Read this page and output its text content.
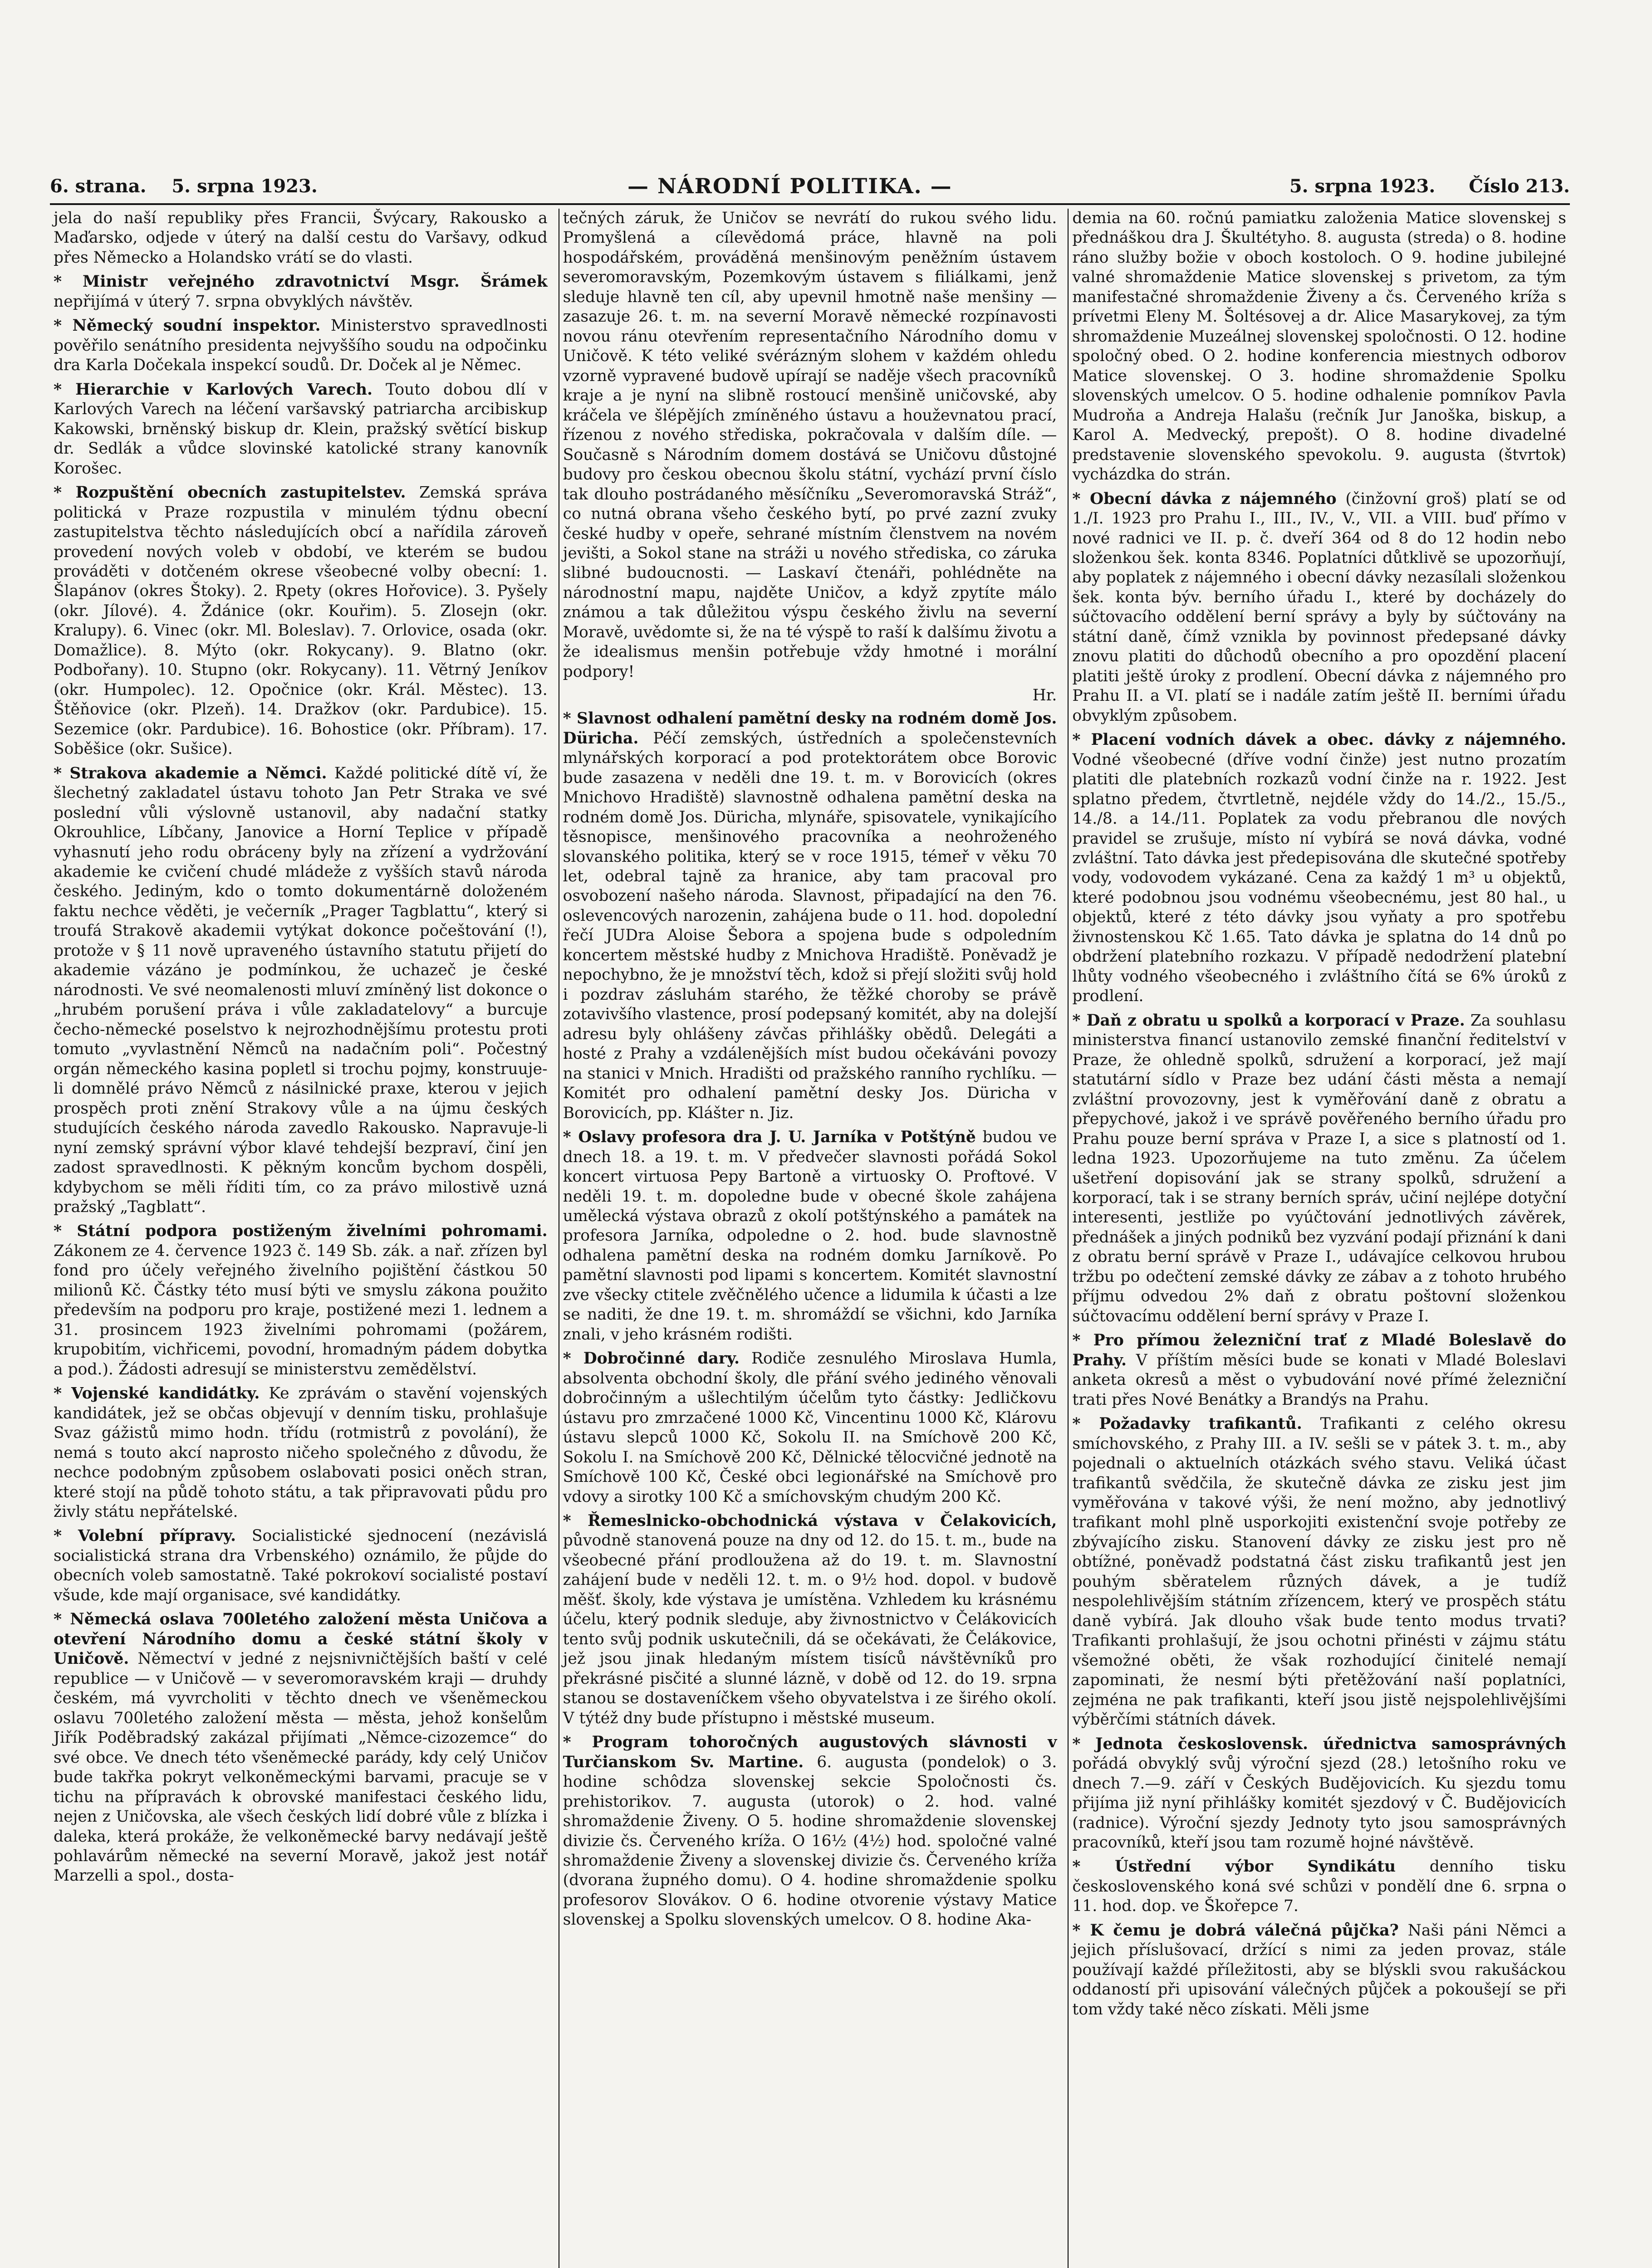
6. strana. 5. srpna 1923.	— NÁRODNÍ POLITIKA. —	5. srpna 1923. Číslo 213.

jela do naší republiky přes Francii, Švýcary, Rakousko a Maďarsko, odjede v úterý na další cestu do Varšavy, odkud přes Německo a Holandsko vrátí se do vlasti.

* Ministr veřejného zdravotnictví Msgr. Šrámek nepřijímá v úterý 7. srpna obvyklých návštěv.

* Německý soudní inspektor. Ministerstvo spravedlnosti pověřilo senátního presidenta nejvyššího soudu na odpočinku dra Karla Dočekala inspekcí soudů. Dr. Doček al je Němec.

* Hierarchie v Karlových Varech. Touto dobou dlí v Karlových Varech na léčení varšavský patriarcha arcibiskup Kakowski, brněnský biskup dr. Klein, pražský světící biskup dr. Sedlák a vůdce slovinské katolické strany kanovník Korošec.

* Rozpuštění obecních zastupitelstev. Zemská správa politická v Praze rozpustila v minulém týdnu obecní zastupitelstva těchto následujících obcí a nařídila zároveň provedení nových voleb v období, ve kterém se budou prováděti v dotčeném okrese všeobecné volby obecní: 1. Šlapánov (okres Štoky). 2. Rpety (okres Hořovice). 3. Pyšely (okr. Jílové). 4. Ždánice (okr. Kouřim). 5. Zlosejn (okr. Kralupy). 6. Vinec (okr. Ml. Boleslav). 7. Orlovice, osada (okr. Domažlice). 8. Mýto (okr. Rokycany). 9. Blatno (okr. Podbořany). 10. Stupno (okr. Rokycany). 11. Větrný Jeníkov (okr. Humpolec). 12. Opočnice (okr. Král. Městec). 13. Štěňovice (okr. Plzeň). 14. Dražkov (okr. Pardubice). 15. Sezemice (okr. Pardubice). 16. Bohostice (okr. Příbram). 17. Soběšice (okr. Sušice).

* Strakova akademie a Němci. Každé politické dítě ví, že šlechetný zakladatel ústavu tohoto Jan Petr Straka ve své poslední vůli výslovně ustanovil, aby nadační statky Okrouhlice, Líbčany, Janovice a Horní Teplice v případě vyhasnutí jeho rodu obráceny byly na zřízení a vydržování akademie ke cvičení chudé mládeže z vyšších stavů národa českého. Jediným, kdo o tomto dokumentárně doloženém faktu nechce věděti, je večerník „Prager Tagblattu“, který si troufá Strakově akademii vytýkat dokonce počeštování (!), protože v § 11 nově upraveného ústavního statutu přijetí do akademie vázáno je podmínkou, že uchazeč je české národnosti. Ve své neomalenosti mluví zmíněný list dokonce o „hrubém porušení práva i vůle zakladatelovy“ a burcuje čecho-německé poselstvo k nejrozhodnějšímu protestu proti tomuto „vyvlastnění Němců na nadačním poli“. Počestný orgán německého kasina popletl si trochu pojmy, konstruuje-li domnělé právo Němců z násilnické praxe, kterou v jejich prospěch proti znění Strakovy vůle a na újmu českých studujících českého národa zavedlo Rakousko. Napravuje-li nyní zemský správní výbor klavé tehdejší bezpraví, činí jen zadost spravedlnosti. K pěkným koncům bychom dospěli, kdybychom se měli říditi tím, co za právo milostivě uzná pražský „Tagblatt“.

* Státní podpora postiženým živelními pohromami. Zákonem ze 4. července 1923 č. 149 Sb. zák. a nař. zřízen byl fond pro účely veřejného živelního pojištění částkou 50 milionů Kč. Částky této musí býti ve smyslu zákona použito především na podporu pro kraje, postižené mezi 1. lednem a 31. prosincem 1923 živelními pohromami (požárem, krupobitím, vichřicemi, povodní, hromadným pádem dobytka a pod.). Žádosti adresují se ministerstvu zemědělství.

* Vojenské kandidátky. Ke zprávám o stavění vojenských kandidátek, jež se občas objevují v denním tisku, prohlašuje Svaz gážistů mimo hodn. třídu (rotmistrů z povolání), že nemá s touto akcí naprosto ničeho společného z důvodu, že nechce podobným způsobem oslabovati posici oněch stran, které stojí na půdě tohoto státu, a tak připravovati půdu pro živly státu nepřátelské.

* Volební přípravy. Socialistické sjednocení (nezávislá socialistická strana dra Vrbenského) oznámilo, že půjde do obecních voleb samostatně. Také pokrokoví socialisté postaví všude, kde mají organisace, své kandidátky.

* Německá oslava 700letého založení města Uničova a otevření Národního domu a české státní školy v Uničově. Němectví v jedné z nejsnivničtějších baští v celé republice — v Uničově — v severomoravském kraji — druhdy českém, má vyvrcholiti v těchto dnech ve všeněmeckou oslavu 700letého založení města — města, jehož konšelům Jiřík Poděbradský zakázal přijímati „Němce-cizozemce“ do své obce. Ve dnech této všeněmecké parády, kdy celý Uničov bude takřka pokryt velkoněmeckými barvami, pracuje se v tichu na přípravách k obrovské manifestaci českého lidu, nejen z Uničovska, ale všech českých lidí dobré vůle z blízka i daleka, která prokáže, že velkoněmecké barvy nedávají ještě pohlavárům německé na severní Moravě, jakož jest notář Marzelli a spol., dosta-

tečných záruk, že Uničov se nevrátí do rukou svého lidu. Promyšlená a cílevědomá práce, hlavně na poli hospodářském, prováděná menšinovým peněžním ústavem severomoravským, Pozemkovým ústavem s filiálkami, jenž sleduje hlavně ten cíl, aby upevnil hmotně naše menšiny — zasazuje 26. t. m. na severní Moravě německé rozpínavosti novou ránu otevřením representačního Národního domu v Uničově. K této veliké svérázným slohem v každém ohledu vzorně vypravené budově upírají se naděje všech pracovníků kraje a je nyní na slibně rostoucí menšině uničovské, aby kráčela ve šlépějích zmíněného ústavu a houževnatou prací, řízenou z nového střediska, pokračovala v dalším díle. — Současně s Národním domem dostává se Uničovu důstojné budovy pro českou obecnou školu státní, vychází první číslo tak dlouho postrádaného měsíčníku „Severomoravská Stráž“, co nutná obrana všeho českého bytí, po prvé zazní zvuky české hudby v opeře, sehrané místním členstvem na novém jevišti, a Sokol stane na stráži u nového střediska, co záruka slibné budoucnosti. — Laskaví čtenáři, pohlédněte na národnostní mapu, najděte Uničov, a když zpytíte málo známou a tak důležitou výspu českého živlu na severní Moravě, uvědomte si, že na té výspě to raší k dalšímu životu a že idealismus menšin potřebuje vždy hmotné i morální podpory!

Hr.

* Slavnost odhalení pamětní desky na rodném domě Jos. Düricha. Péčí zemských, ústředních a společenstevních mlynářských korporací a pod protektorátem obce Borovic bude zasazena v neděli dne 19. t. m. v Borovicích (okres Mnichovo Hradiště) slavnostně odhalena pamětní deska na rodném domě Jos. Düricha, mlynáře, spisovatele, vynikajícího těsnopisce, menšinového pracovníka a neohroženého slovanského politika, který se v roce 1915, témeř v věku 70 let, odebral tajně za hranice, aby tam pracoval pro osvobození našeho národa. Slavnost, připadající na den 76. oslevencových narozenin, zahájena bude o 11. hod. dopolední řečí JUDra Aloise Šebora a spojena bude s odpoledním koncertem městské hudby z Mnichova Hradiště. Poněvadž je nepochybno, že je množství těch, kdož si přejí složiti svůj hold i pozdrav zásluhám starého, že těžké choroby se právě zotavivšího vlastence, prosí podepsaný komitét, aby na dolejší adresu byly ohlášeny závčas přihlášky obědů. Delegáti a hosté z Prahy a vzdálenějších míst budou očekáváni povozy na stanici v Mnich. Hradišti od pražského ranního rychlíku. — Komitét pro odhalení pamětní desky Jos. Düricha v Borovicích, pp. Klášter n. Jiz.

* Oslavy profesora dra J. U. Jarníka v Potštýně budou ve dnech 18. a 19. t. m. V předvečer slavnosti pořádá Sokol koncert virtuosa Pepy Bartoně a virtuosky O. Proftové. V neděli 19. t. m. dopoledne bude v obecné škole zahájena umělecká výstava obrazů z okolí potštýnského a památek na profesora Jarníka, odpoledne o 2. hod. bude slavnostně odhalena pamětní deska na rodném domku Jarníkově. Po pamětní slavnosti pod lipami s koncertem. Komitét slavnostní zve všecky ctitele zvěčnělého učence a lidumila k účasti a lze se naditi, že dne 19. t. m. shromáždí se všichni, kdo Jarníka znali, v jeho krásném rodišti.

* Dobročinné dary. Rodiče zesnulého Miroslava Humla, absolventa obchodní školy, dle přání svého jediného věnovali dobročinným a ušlechtilým účelům tyto částky: Jedličkovu ústavu pro zmrzačené 1000 Kč, Vincentinu 1000 Kč, Klárovu ústavu slepců 1000 Kč, Sokolu II. na Smíchově 200 Kč, Sokolu I. na Smíchově 200 Kč, Dělnické tělocvičné jednotě na Smíchově 100 Kč, České obci legionářské na Smíchově pro vdovy a sirotky 100 Kč a smíchovským chudým 200 Kč.

* Řemeslnicko-obchodnická výstava v Čelakovicích, původně stanovená pouze na dny od 12. do 15. t. m., bude na všeobecné přání prodloužena až do 19. t. m. Slavnostní zahájení bude v neděli 12. t. m. o 9½ hod. dopol. v budově měšť. školy, kde výstava je umístěna. Vzhledem ku krásnému účelu, který podnik sleduje, aby živnostnictvo v Čelákovicích tento svůj podnik uskutečnili, dá se očekávati, že Čelákovice, jež jsou jinak hledaným místem tisíců návštěvníků pro překrásné pisčité a slunné lázně, v době od 12. do 19. srpna stanou se dostaveníčkem všeho obyvatelstva i ze širého okolí. V týtéž dny bude přístupno i městské museum.

* Program tohoročných augustových slávnosti v Turčianskom Sv. Martine. 6. augusta (pondelok) o 3. hodine schôdza slovenskej sekcie Spoločnosti čs. prehistorikov. 7. augusta (utorok) o 2. hod. valné shromaždenie Živeny. O 5. hodine shromaždenie slovenskej divizie čs. Červeného kríža. O 16½ (4½) hod. spoločné valné shromaždenie Živeny a slovenskej divizie čs. Červeného kríža (dvorana župného domu). O 4. hodine shromaždenie spolku profesorov Slovákov. O 6. hodine otvorenie výstavy Matice slovenskej a Spolku slovenských umelcov. O 8. hodine Aka-

demia na 60. ročnú pamiatku založenia Matice slovenskej s přednáškou dra J. Škultétyho. 8. augusta (streda) o 8. hodine ráno služby božie v oboch kostoloch. O 9. hodine jubilejné valné shromaždenie Matice slovenskej s privetom, za tým manifestačné shromaždenie Živeny a čs. Červeného kríža s prívetmi Eleny M. Šoltésovej a dr. Alice Masarykovej, za tým shromaždenie Muzeálnej slovenskej spoločnosti. O 12. hodine spoločný obed. O 2. hodine konferencia miestnych odborov Matice slovenskej. O 3. hodine shromaždenie Spolku slovenských umelcov. O 5. hodine odhalenie pomníkov Pavla Mudroňa a Andreja Halašu (rečník Jur Janoška, biskup, a Karol A. Medvecký, prepošt). O 8. hodine divadelné predstavenie slovenského spevokolu. 9. augusta (štvrtok) vycházdka do strán.

* Obecní dávka z nájemného (činžovní groš) platí se od 1./I. 1923 pro Prahu I., III., IV., V., VII. a VIII. buď přímo v nové radnici ve II. p. č. dveří 364 od 8 do 12 hodin nebo složenkou šek. konta 8346. Poplatníci důtklivě se upozorňují, aby poplatek z nájemného i obecní dávky nezasílali složenkou šek. konta býv. berního úřadu I., které by docházely do súčtovacího oddělení berní správy a byly by súčtovány na státní daně, čímž vznikla by povinnost předepsané dávky znovu platiti do důchodů obecního a pro opozdění placení platiti ještě úroky z prodlení. Obecní dávka z nájemného pro Prahu II. a VI. platí se i nadále zatím ještě II. berními úřadu obvyklým způsobem.

* Placení vodních dávek a obec. dávky z nájemného. Vodné všeobecné (dříve vodní činže) jest nutno prozatím platiti dle platebních rozkazů vodní činže na r. 1922. Jest splatno předem, čtvrtletně, nejdéle vždy do 14./2., 15./5., 14./8. a 14./11. Poplatek za vodu přebranou dle nových pravidel se zrušuje, místo ní vybírá se nová dávka, vodné zvláštní. Tato dávka jest předepisována dle skutečné spotřeby vody, vodovodem vykázané. Cena za každý 1 m³ u objektů, které podobnou jsou vodnému všeobecnému, jest 80 hal., u objektů, které z této dávky jsou vyňaty a pro spotřebu živnostenskou Kč 1.65. Tato dávka je splatna do 14 dnů po obdržení platebního rozkazu. V případě nedodržení platební lhůty vodného všeobecného i zvláštního čítá se 6% úroků z prodlení.

* Daň z obratu u spolků a korporací v Praze. Za souhlasu ministerstva financí ustanovilo zemské finanční ředitelství v Praze, že ohledně spolků, sdružení a korporací, jež mají statutární sídlo v Praze bez udání části města a nemají zvláštní provozovny, jest k vyměřování daně z obratu a přepychové, jakož i ve správě pověřeného berního úřadu pro Prahu pouze berní správa v Praze I, a sice s platností od 1. ledna 1923. Upozorňujeme na tuto změnu. Za účelem ušetření dopisování jak se strany spolků, sdružení a korporací, tak i se strany berních správ, učiní nejlépe dotyční interesenti, jestliže po vyúčtování jednotlivých závěrek, přednášek a jiných podniků bez vyzvání podají přiznání k dani z obratu berní správě v Praze I., udávajíce celkovou hrubou tržbu po odečtení zemské dávky ze zábav a z tohoto hrubého příjmu odvedou 2% daň z obratu poštovní složenkou súčtovacímu oddělení berní správy v Praze I.

* Pro přímou železniční trať z Mladé Boleslavě do Prahy. V příštím měsíci bude se konati v Mladé Boleslavi anketa okresů a měst o vybudování nové přímé železniční trati přes Nové Benátky a Brandýs na Prahu.

* Požadavky trafikantů. Trafikanti z celého okresu smíchovského, z Prahy III. a IV. sešli se v pátek 3. t. m., aby pojednali o aktuelních otázkách svého stavu. Veliká účast trafikantů svědčila, že skutečně dávka ze zisku jest jim vyměřována v takové výši, že není možno, aby jednotlivý trafikant mohl plně usporkojiti existenční svoje potřeby ze zbývajícího zisku. Stanovení dávky ze zisku jest pro ně obtížné, poněvadž podstatná část zisku trafikantů jest jen pouhým sběratelem různých dávek, a je tudíž nespolehlivějším státním zřízencem, který ve prospěch státu daně vybírá. Jak dlouho však bude tento modus trvati? Trafikanti prohlašují, že jsou ochotni přinésti v zájmu státu všemožné oběti, že však rozhodující činitelé nemají zapominati, že nesmí býti přetěžování naší poplatníci, zejména ne pak trafikanti, kteří jsou jistě nejspolehlivějšími výběrčími státních dávek.

* Jednota československ. úřednictva samosprávných pořádá obvyklý svůj výroční sjezd (28.) letošního roku ve dnech 7.—9. září v Českých Budějovicích. Ku sjezdu tomu přijíma již nyní přihlášky komitét sjezdový v Č. Budějovicích (radnice). Výroční sjezdy Jednoty tyto jsou samosprávných pracovníků, kteří jsou tam rozumě hojné návštěvě.

* Ústřední výbor Syndikátu denního tisku československého koná své schůzi v pondělí dne 6. srpna o 11. hod. dop. ve Škořepce 7.

* K čemu je dobrá válečná půjčka? Naši páni Němci a jejich příslušovací, držící s nimi za jeden provaz, stále používají každé příležitosti, aby se blýskli svou rakušáckou oddaností při upisování válečných půjček a pokoušejí se při tom vždy také něco získati. Měli jsme
